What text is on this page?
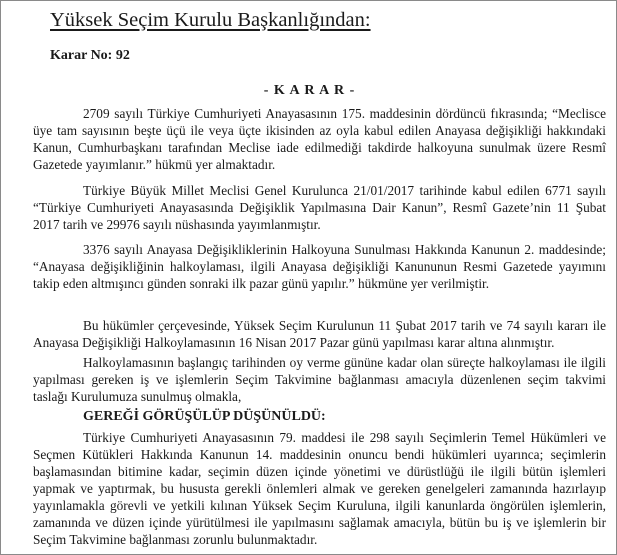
Yüksek Seçim Kurulu Başkanlığından:
Karar No: 92
- K A R A R -

2709 sayılı Türkiye Cumhuriyeti Anayasasının 175. maddesinin dördüncü fıkrasında; “Meclisce üye tam sayısının beşte üçü ile veya üçte ikisinden az oyla kabul edilen Anayasa değişikliği hakkındaki Kanun, Cumhurbaşkanı tarafından Meclise iade edilmediği takdirde halkoyuna sunulmak üzere Resmî Gazetede yayımlanır.” hükmü yer almaktadır.

Türkiye Büyük Millet Meclisi Genel Kurulunca 21/01/2017 tarihinde kabul edilen 6771 sayılı “Türkiye Cumhuriyeti Anayasasında Değişiklik Yapılmasına Dair Kanun”, Resmî Gazete’nin 11 Şubat 2017 tarih ve 29976 sayılı nüshasında yayımlanmıştır.

3376 sayılı Anayasa Değişikliklerinin Halkoyuna Sunulması Hakkında Kanunun 2. maddesinde; “Anayasa değişikliğinin halkoylaması, ilgili Anayasa değişikliği Kanununun Resmi Gazetede yayımını takip eden altmışıncı günden sonraki ilk pazar günü yapılır.” hükmüne yer verilmiştir.

Bu hükümler çerçevesinde, Yüksek Seçim Kurulunun 11 Şubat 2017 tarih ve 74 sayılı kararı ile Anayasa Değişikliği Halkoylamasının 16 Nisan 2017 Pazar günü yapılması karar altına alınmıştır.

Halkoylamasının başlangıç tarihinden oy verme gününe kadar olan süreçte halkoylaması ile ilgili yapılması gereken iş ve işlemlerin Seçim Takvimine bağlanması amacıyla düzenlenen seçim takvimi taslağı Kurulumuza sunulmuş olmakla,

GEREĞİ GÖRÜŞÜLÜP DÜŞÜNÜLDÜ:

Türkiye Cumhuriyeti Anayasasının 79. maddesi ile 298 sayılı Seçimlerin Temel Hükümleri ve Seçmen Kütükleri Hakkında Kanunun 14. maddesinin onuncu bendi hükümleri uyarınca; seçimlerin başlamasından bitimine kadar, seçimin düzen içinde yönetimi ve dürüstlüğü ile ilgili bütün işlemleri yapmak ve yaptırmak, bu hususta gerekli önlemleri almak ve gereken genelgeleri zamanında hazırlayıp yayınlamakla görevli ve yetkili kılınan Yüksek Seçim Kuruluna, ilgili kanunlarda öngörülen işlemlerin, zamanında ve düzen içinde yürütülmesi ile yapılmasını sağlamak amacıyla, bütün bu iş ve işlemlerin bir Seçim Takvimine bağlanması zorunlu bulunmaktadır.
